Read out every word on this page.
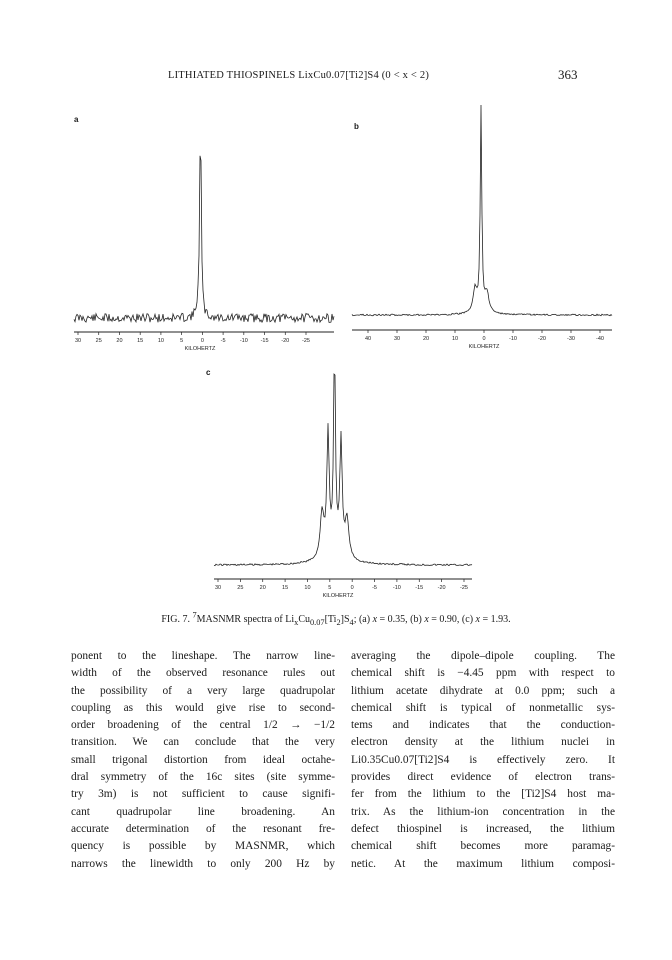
LITHIATED THIOSPINELS LixCu0.07[Ti2]S4 (0 < x < 2)	363
a
b
c
30	25	20	15	10	5	0	-5	-10 -15 -20 -25
KILOHERTZ
40	30	20	10	0	-10	-20	-30	-40
KILOHERTZ
30	25	20	15	10	5	0	-5	-10	-15	-20	-25
KILOHERTZ
FIG. 7. $^7$MASNMR spectra of $Li_xCu_{0.07}[Ti_2]S_4$; (a) x = 0.35, (b) x = 0.90, (c) x = 1.93.
ponent to the lineshape. The narrow line-
width of the observed resonance rules out
the possibility of a very large quadrupolar
coupling as this would give rise to second-
order broadening of the central 1/2 → −1/2
transition. We can conclude that the very
small trigonal distortion from ideal octahe-
dral symmetry of the 16c sites (site symme-
try 3m) is not sufficient to cause signifi-
cant quadrupolar line broadening. An
accurate determination of the resonant fre-
quency is possible by MASNMR, which
narrows the linewidth to only 200 Hz by
averaging the dipole–dipole coupling. The
chemical shift is −4.45 ppm with respect to
lithium acetate dihydrate at 0.0 ppm; such a
chemical shift is typical of nonmetallic sys-
tems and indicates that the conduction-
electron density at the lithium nuclei in
Li0.35Cu0.07[Ti2]S4 is effectively zero. It
provides direct evidence of electron trans-
fer from the lithium to the [Ti2]S4 host ma-
trix. As the lithium-ion concentration in the
defect thiospinel is increased, the lithium
chemical shift becomes more paramag-
netic. At the maximum lithium composi-
